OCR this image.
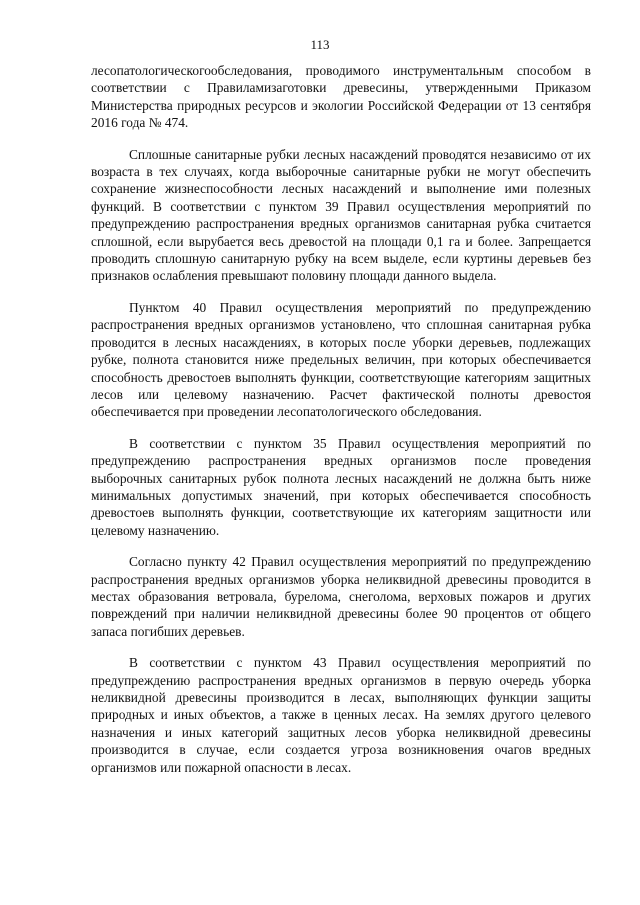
113

лесопатологическогообследования, проводимого инструментальным способом в соответствии с Правиламизаготовки древесины, утвержденными Приказом Министерства природных ресурсов и экологии Российской Федерации от 13 сентября 2016 года № 474.

Сплошные санитарные рубки лесных насаждений проводятся независимо от их возраста в тех случаях, когда выборочные санитарные рубки не могут обеспечить сохранение жизнеспособности лесных насаждений и выполнение ими полезных функций. В соответствии с пунктом 39 Правил осуществления мероприятий по предупреждению распространения вредных организмов санитарная рубка считается сплошной, если вырубается весь древостой на площади 0,1 га и более. Запрещается проводить сплошную санитарную рубку на всем выделе, если куртины деревьев без признаков ослабления превышают половину площади данного выдела.

Пунктом 40 Правил осуществления мероприятий по предупреждению распространения вредных организмов установлено, что сплошная санитарная рубка проводится в лесных насаждениях, в которых после уборки деревьев, подлежащих рубке, полнота становится ниже предельных величин, при которых обеспечивается способность древостоев выполнять функции, соответствующие категориям защитных лесов или целевому назначению. Расчет фактической полноты древостоя обеспечивается при проведении лесопатологического обследования.

В соответствии с пунктом 35 Правил осуществления мероприятий по предупреждению распространения вредных организмов после проведения выборочных санитарных рубок полнота лесных насаждений не должна быть ниже минимальных допустимых значений, при которых обеспечивается способность древостоев выполнять функции, соответствующие их категориям защитности или целевому назначению.

Согласно пункту 42 Правил осуществления мероприятий по предупреждению распространения вредных организмов уборка неликвидной древесины проводится в местах образования ветровала, бурелома, снеголома, верховых пожаров и других повреждений при наличии неликвидной древесины более 90 процентов от общего запаса погибших деревьев.

В соответствии с пунктом 43 Правил осуществления мероприятий по предупреждению распространения вредных организмов в первую очередь уборка неликвидной древесины производится в лесах, выполняющих функции защиты природных и иных объектов, а также в ценных лесах. На землях другого целевого назначения и иных категорий защитных лесов уборка неликвидной древесины производится в случае, если создается угроза возникновения очагов вредных организмов или пожарной опасности в лесах.
